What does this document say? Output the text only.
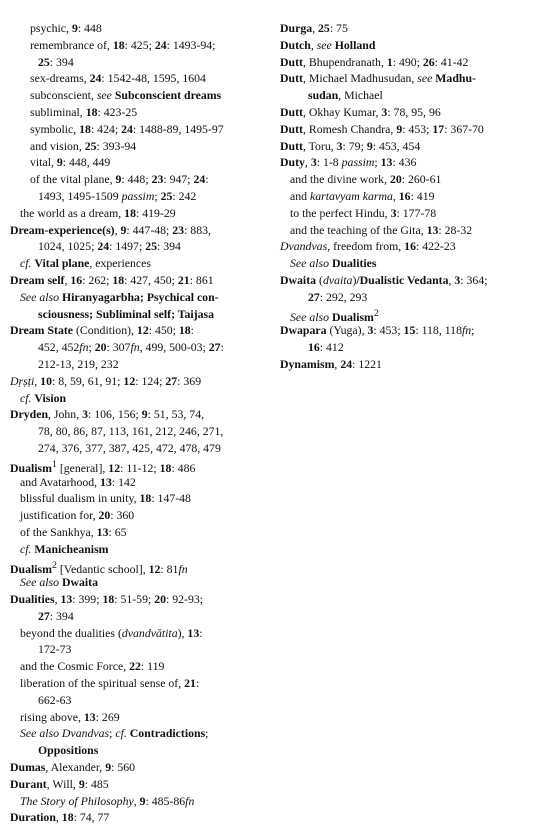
psychic, 9: 448
remembrance of, 18: 425; 24: 1493-94;
25: 394
sex-dreams, 24: 1542-48, 1595, 1604
subconscient, see Subconscient dreams
subliminal, 18: 423-25
symbolic, 18: 424; 24: 1488-89, 1495-97
and vision, 25: 393-94
vital, 9: 448, 449
of the vital plane, 9: 448; 23: 947; 24:
1493, 1495-1509 passim; 25: 242
the world as a dream, 18: 419-29
Dream-experience(s), 9: 447-48; 23: 883,
1024, 1025; 24: 1497; 25: 394
cf. Vital plane, experiences
Dream self, 16: 262; 18: 427, 450; 21: 861
See also Hiranyagarbha; Psychical con-
sciousness; Subliminal self; Taijasa
Dream State (Condition), 12: 450; 18:
452, 452fn; 20: 307fn, 499, 500-03; 27:
212-13, 219, 232
Dṛṣṭi, 10: 8, 59, 61, 91; 12: 124; 27: 369
cf. Vision
Dryden, John, 3: 106, 156; 9: 51, 53, 74,
78, 80, 86, 87, 113, 161, 212, 246, 271,
274, 376, 377, 387, 425, 472, 478, 479
Dualism$^1$ [general], 12: 11-12; 18: 486
and Avatarhood, 13: 142
blissful dualism in unity, 18: 147-48
justification for, 20: 360
of the Sankhya, 13: 65
cf. Manicheanism
Dualism$^2$ [Vedantic school], 12: 81fn
See also Dwaita
Dualities, 13: 399; 18: 51-59; 20: 92-93;
27: 394
beyond the dualities (dvandvātita), 13:
172-73
and the Cosmic Force, 22: 119
liberation of the spiritual sense of, 21:
662-63
rising above, 13: 269
See also Dvandvas; cf. Contradictions;
Oppositions
Dumas, Alexander, 9: 560
Durant, Will, 9: 485
The Story of Philosophy, 9: 485-86fn
Duration, 18: 74, 77
Durga, 25: 75
Dutch, see Holland
Dutt, Bhupendranath, 1: 490; 26: 41-42
Dutt, Michael Madhusudan, see Madhu-
sudan, Michael
Dutt, Okhay Kumar, 3: 78, 95, 96
Dutt, Romesh Chandra, 9: 453; 17: 367-70
Dutt, Toru, 3: 79; 9: 453, 454
Duty, 3: 1-8 passim; 13: 436
and the divine work, 20: 260-61
and kartavyam karma, 16: 419
to the perfect Hindu, 3: 177-78
and the teaching of the Gita, 13: 28-32
Dvandvas, freedom from, 16: 422-23
See also Dualities
Dwaita (dvaita)/Dualistic Vedanta, 3: 364;
27: 292, 293
See also Dualism$^2$
Dwapara (Yuga), 3: 453; 15: 118, 118fn;
16: 412
Dynamism, 24: 1221
